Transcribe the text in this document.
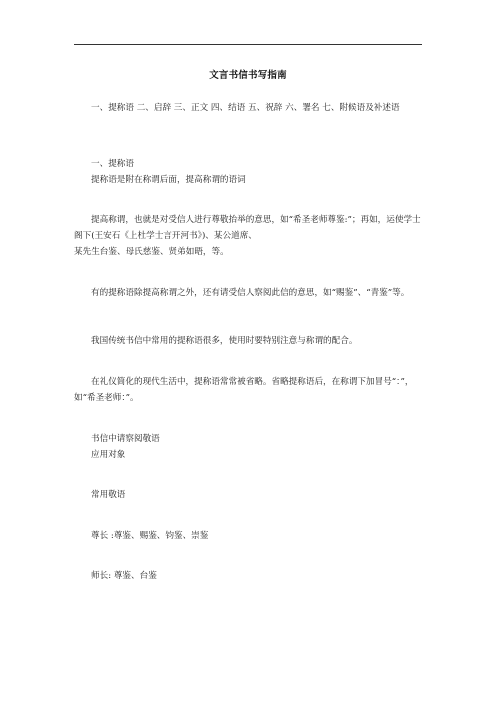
文言书信书写指南

一、提称语 二、启辞 三、正文 四、结语 五、祝辞 六、署名 七、附候语及补述语

一、提称语
提称语是附在称谓后面，提高称谓的语词

提高称谓，也就是对受信人进行尊敬抬举的意思，如“希圣老师尊鉴:”；再如，运使学士阁下(王安石《上杜学士言开河书》)、某公道席、

某先生台鉴、母氏慈鉴、贤弟如晤，等。

有的提称语除提高称谓之外，还有请受信人察阅此信的意思，如“赐鉴”、“青鉴”等。

我国传统书信中常用的提称语很多，使用时要特别注意与称谓的配合。

在礼仪简化的现代生活中，提称语常常被省略。省略提称语后，在称谓下加冒号“：”，如“希圣老师：”。

书信中请察阅敬语
应用对象
常用敬语
尊长 :尊鉴、赐鉴、钧鉴、崇鉴
师长: 尊鉴、台鉴
